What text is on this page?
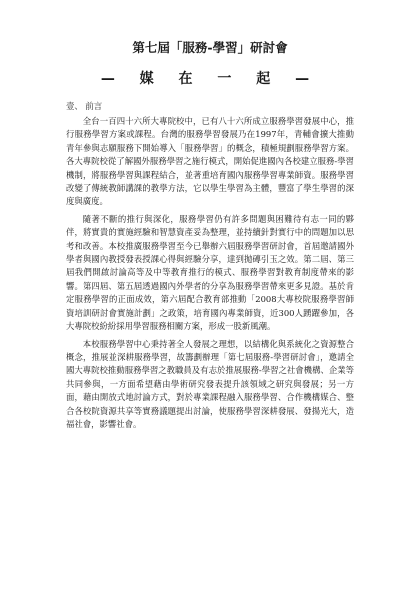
第七屆「服務-學習」研討會
— 媒 在 一 起 —
壹、 前言

全台一百四十六所大專院校中，已有八十六所成立服務學習發展中心，推行服務學習方案或課程。台灣的服務學習發展乃在1997年，青輔會擴大推動青年參與志願服務下開始導入「服務學習」的概念，積極規劃服務學習方案。各大專院校從了解國外服務學習之施行模式，開始促進國內各校建立服務-學習機制，將服務學習與課程結合，並著重培育國內服務學習專業師資。服務學習改變了傳統教師講課的教學方法，它以學生學習為主體，豐富了學生學習的深度與廣度。

隨著不斷的推行與深化，服務學習仍有許多問題與困難待有志一同的夥伴，將實貴的實施經驗和智慧資產妥為整理，並持續針對實行中的問題加以思考和改善。本校推廣服務學習至今已舉辦六屆服務學習研討會，首屆邀請國外學者與國內教授發表授課心得與經驗分享，達到拋磚引玉之效。第二屆、第三屆我們開啟討論高等及中等教育推行的模式、服務學習對教育制度帶來的影響。第四屆、第五屆透過國內外學者的分享為服務學習帶來更多見證。基於肯定服務學習的正面成效，第六屆配合教育部推動「2008大專校院服務學習師資培訓研討會實施計劃」之政策，培育國內專業師資，近300人踴躍參加，各大專院校紛紛採用學習服務相關方案，形成一股新風潮。

本校服務學習中心秉持著全人發展之理想，以結構化與系統化之資源整合概念，推展並深耕服務學習，故籌劃辦理「第七屆服務-學習研討會」，邀請全國大專院校推動服務學習之教職員及有志於推展服務-學習之社會機構、企業等共同參與，一方面希望藉由學術研究發表提升該領域之研究與發展；另一方面，藉由開放式地討論方式，對於專業課程融入服務學習、合作機構媒合、整合各校院資源共享等實務議題提出討論，使服務學習深耕發展、發揚光大，造福社會，影響社會。
